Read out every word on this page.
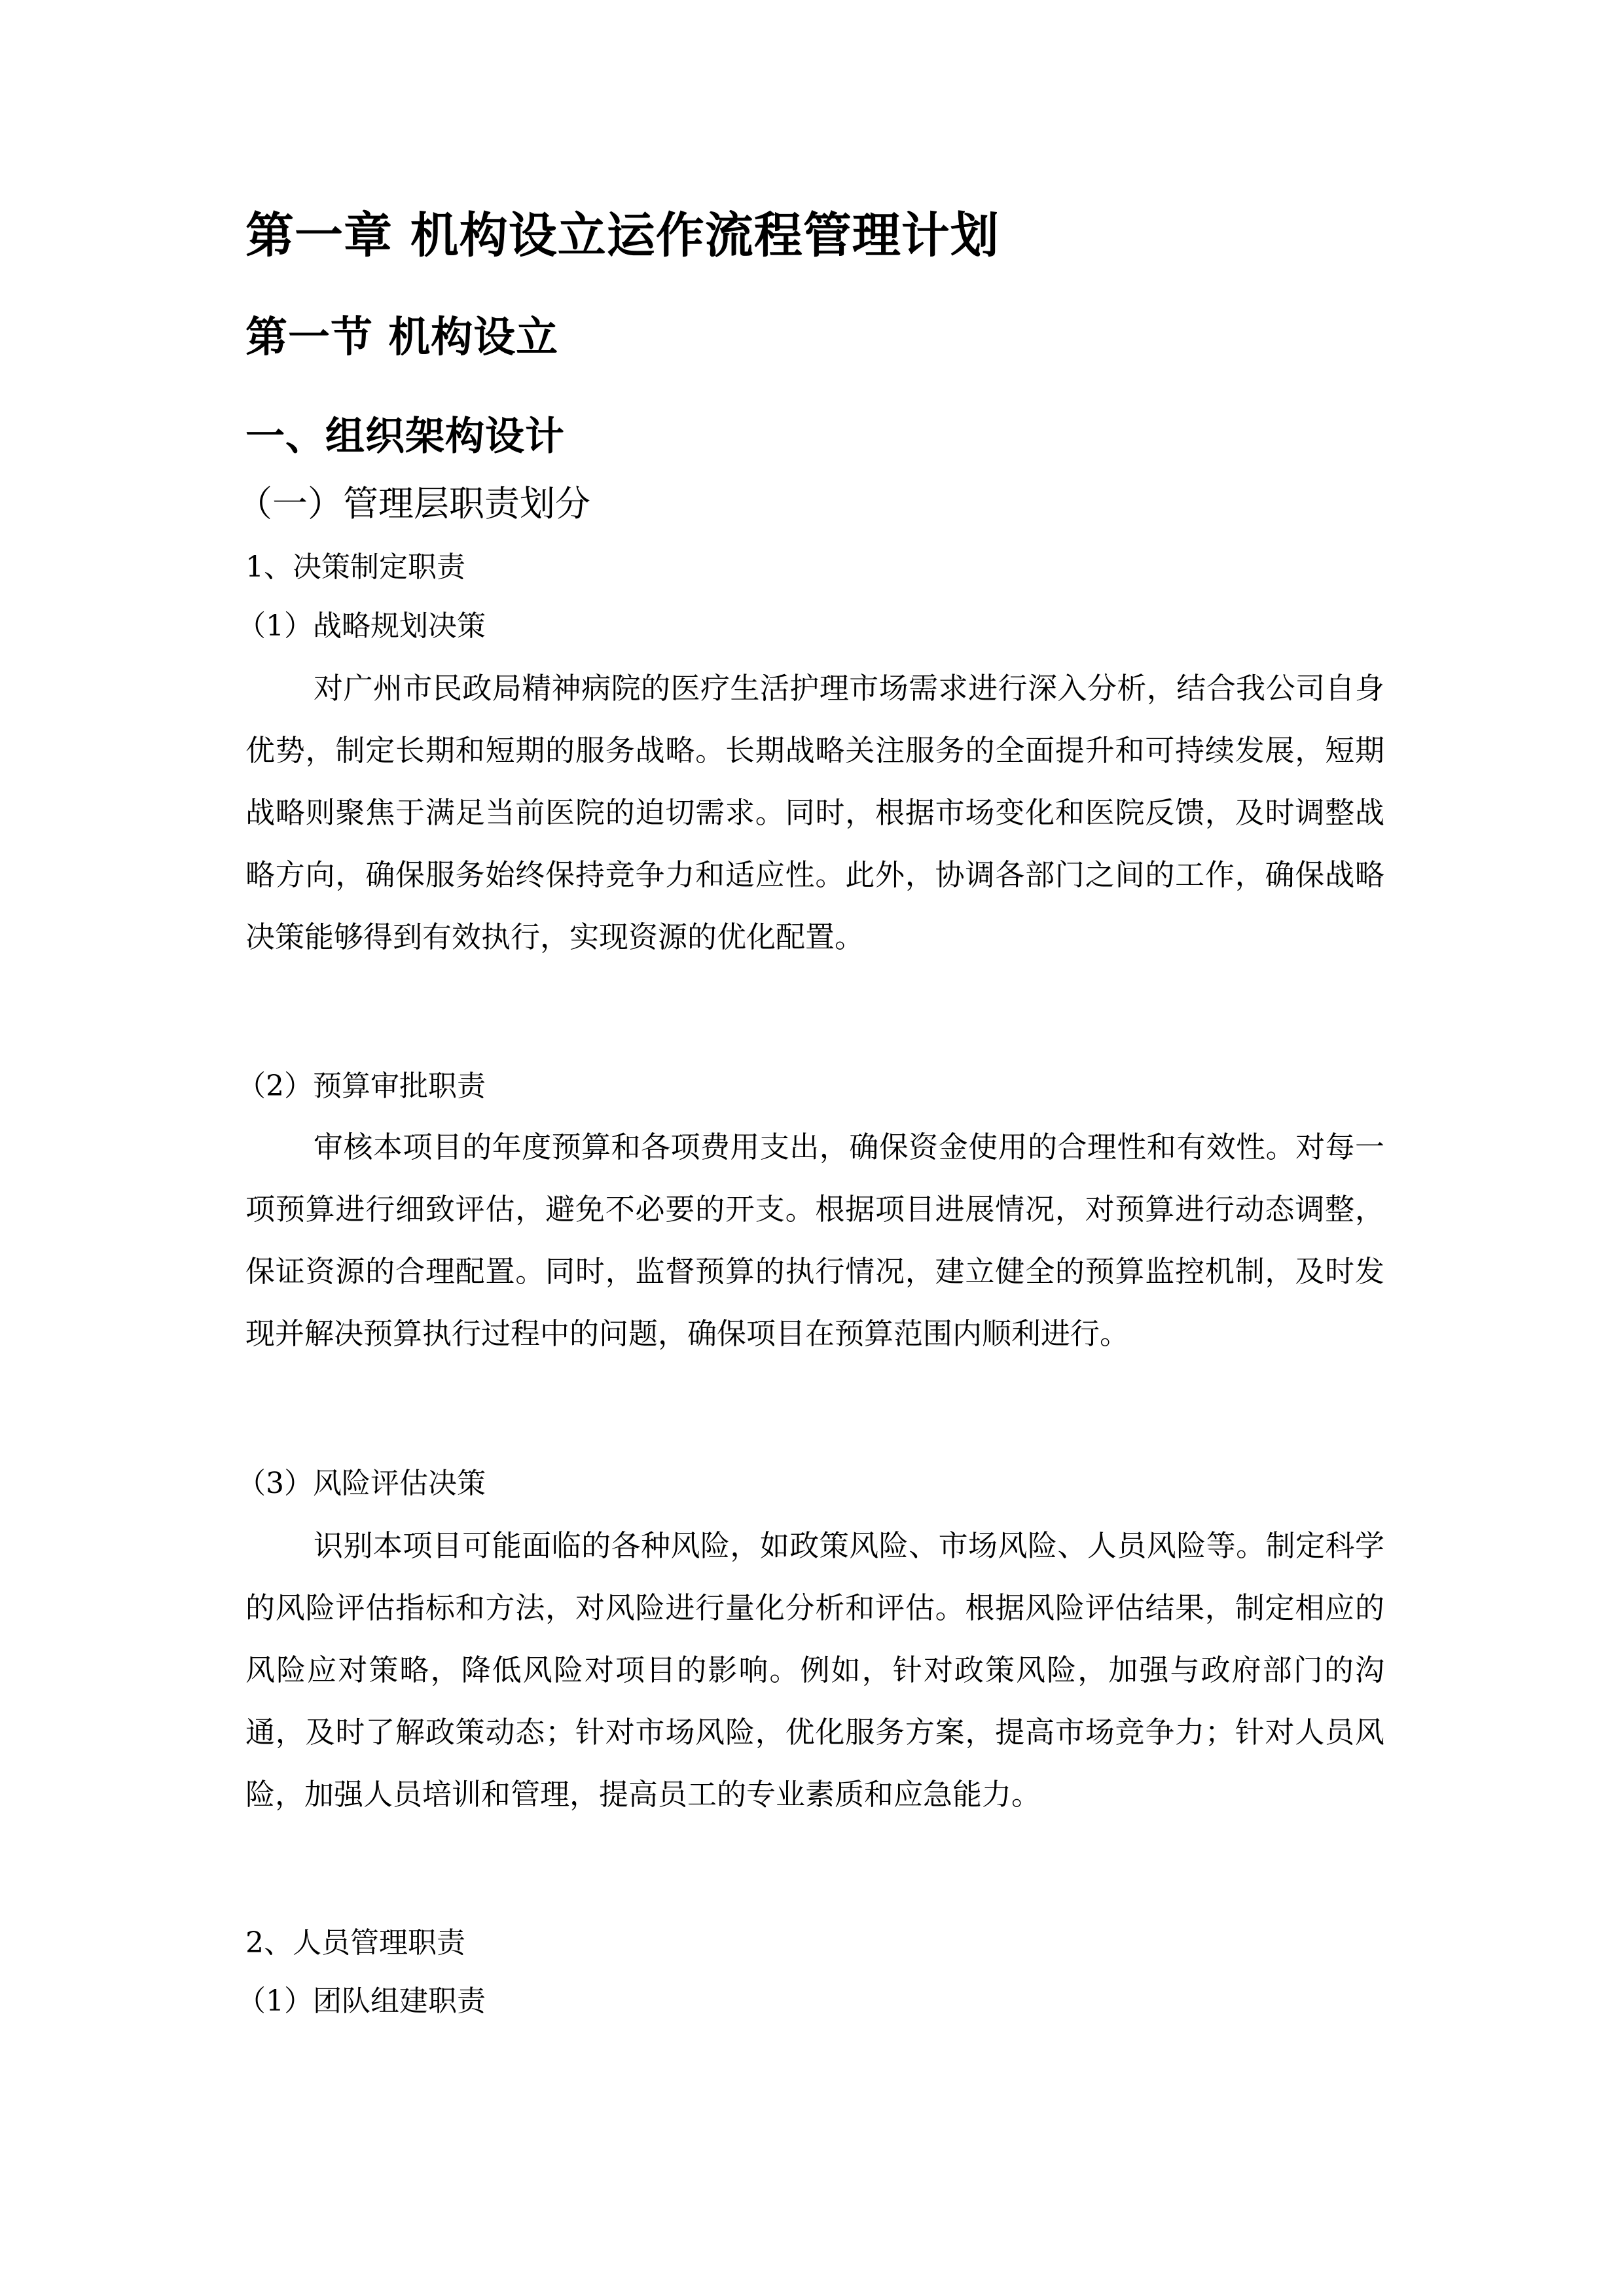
第一章 机构设立运作流程管理计划
第一节 机构设立
一、组织架构设计
（一）管理层职责划分
1、决策制定职责
（1）战略规划决策

对广州市民政局精神病院的医疗生活护理市场需求进行深入分析，结合我公司自身优势，制定长期和短期的服务战略。长期战略关注服务的全面提升和可持续发展，短期战略则聚焦于满足当前医院的迫切需求。同时，根据市场变化和医院反馈，及时调整战略方向，确保服务始终保持竞争力和适应性。此外，协调各部门之间的工作，确保战略决策能够得到有效执行，实现资源的优化配置。

（2）预算审批职责

审核本项目的年度预算和各项费用支出，确保资金使用的合理性和有效性。对每一项预算进行细致评估，避免不必要的开支。根据项目进展情况，对预算进行动态调整，保证资源的合理配置。同时，监督预算的执行情况，建立健全的预算监控机制，及时发现并解决预算执行过程中的问题，确保项目在预算范围内顺利进行。

（3）风险评估决策

识别本项目可能面临的各种风险，如政策风险、市场风险、人员风险等。制定科学的风险评估指标和方法，对风险进行量化分析和评估。根据风险评估结果，制定相应的风险应对策略，降低风险对项目的影响。例如，针对政策风险，加强与政府部门的沟通，及时了解政策动态；针对市场风险，优化服务方案，提高市场竞争力；针对人员风险，加强人员培训和管理，提高员工的专业素质和应急能力。

2、人员管理职责
（1）团队组建职责
